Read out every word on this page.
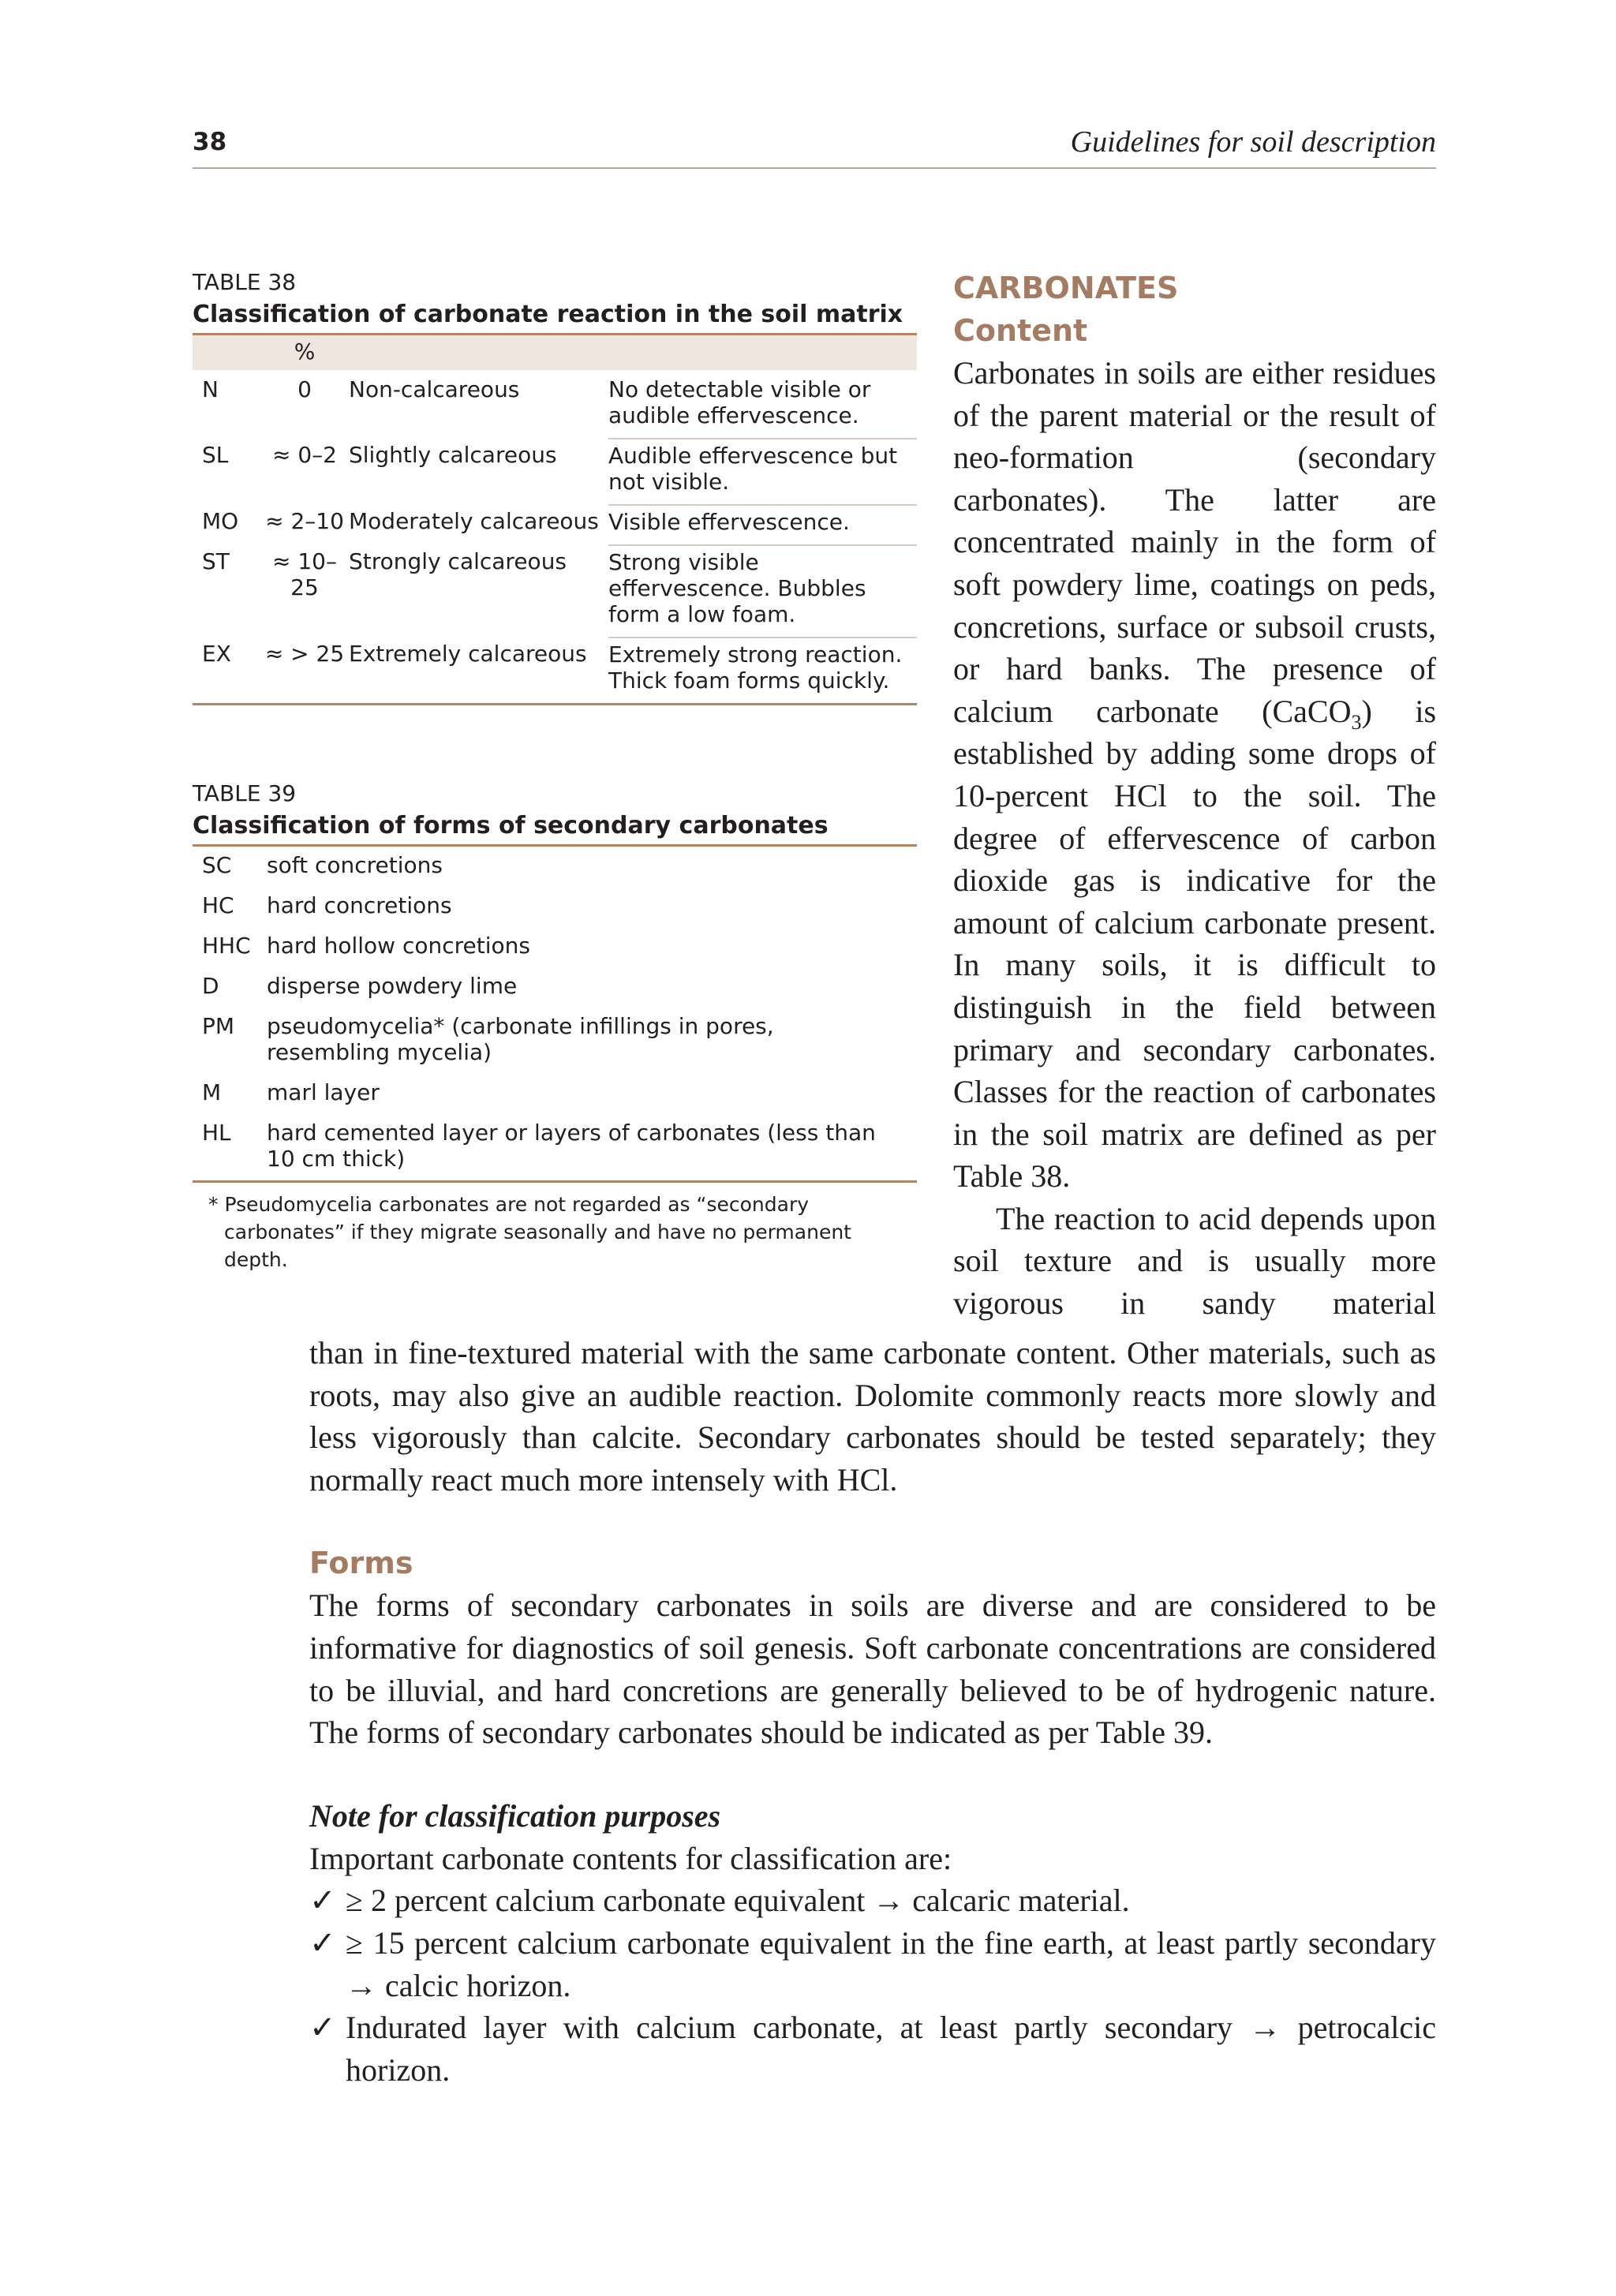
38	Guidelines for soil description
TABLE 38
Classification of carbonate reaction in the soil matrix
	%		
N	0	Non-calcareous	No detectable visible or audible effervescence.
SL	≈ 0–2	Slightly calcareous	Audible effervescence but not visible.
MO	≈ 2–10	Moderately calcareous	Visible effervescence.
ST	≈ 10–25	Strongly calcareous	Strong visible effervescence. Bubbles form a low foam.
EX	≈ > 25	Extremely calcareous	Extremely strong reaction. Thick foam forms quickly.
TABLE 39
Classification of forms of secondary carbonates
SC	soft concretions
HC	hard concretions
HHC	hard hollow concretions
D	disperse powdery lime
PM	pseudomycelia* (carbonate infillings in pores, resembling mycelia)
M	marl layer
HL	hard cemented layer or layers of carbonates (less than 10 cm thick)
* Pseudomycelia carbonates are not regarded as “secondary carbonates” if they migrate seasonally and have no permanent depth.
CARBONATES
Content

Carbonates in soils are either residues of the parent material or the result of neo-formation (secondary carbonates). The latter are concentrated mainly in the form of soft powdery lime, coatings on peds, concretions, surface or subsoil crusts, or hard banks. The presence of calcium carbonate (CaCO$_3$) is established by adding some drops of 10-percent HCl to the soil. The degree of effervescence of carbon dioxide gas is indicative for the amount of calcium carbonate present. In many soils, it is difficult to distinguish in the field between primary and secondary carbonates. Classes for the reaction of carbonates in the soil matrix are defined as per Table 38.

The reaction to acid depends upon soil texture and is usually more vigorous in sandy material

than in fine-textured material with the same carbonate content. Other materials, such as roots, may also give an audible reaction. Dolomite commonly reacts more slowly and less vigorously than calcite. Secondary carbonates should be tested separately; they normally react much more intensely with HCl.

Forms

The forms of secondary carbonates in soils are diverse and are considered to be informative for diagnostics of soil genesis. Soft carbonate concentrations are considered to be illuvial, and hard concretions are generally believed to be of hydrogenic nature. The forms of secondary carbonates should be indicated as per Table 39.

Note for classification purposes

Important carbonate contents for classification are:

✓ ≥ 2 percent calcium carbonate equivalent → calcaric material.
✓ ≥ 15 percent calcium carbonate equivalent in the fine earth, at least partly secondary → calcic horizon.
✓ Indurated layer with calcium carbonate, at least partly secondary → petrocalcic horizon.
